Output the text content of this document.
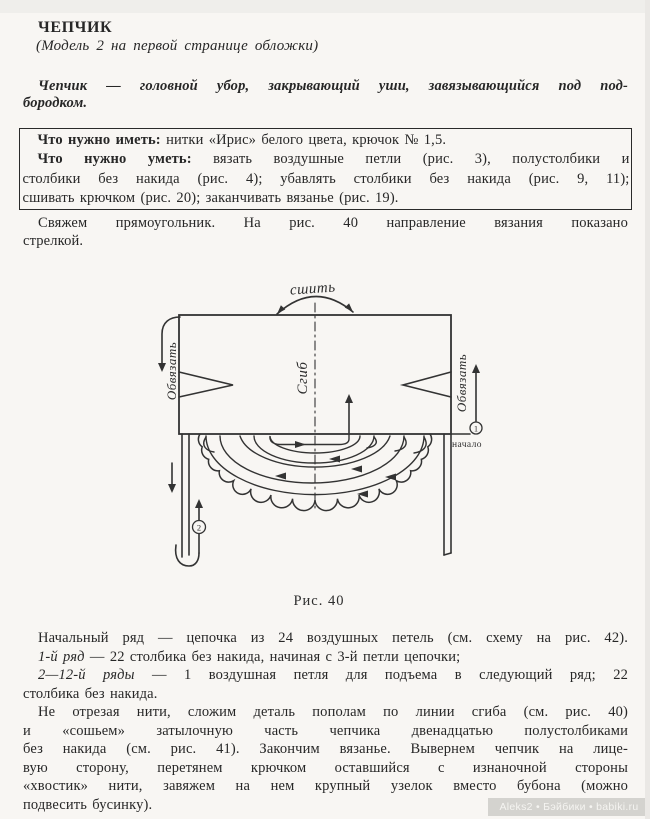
ЧЕПЧИК
(Модель 2 на первой странице обложки)
Чепчик — головной убор, закрывающий уши, завязывающийся под под-
бородком.
Что нужно иметь: нитки «Ирис» белого цвета, крючок № 1,5.
Что нужно уметь: вязать воздушные петли (рис. 3), полустолбики и
столбики без накида (рис. 4); убавлять столбики без накида (рис. 9, 11);
сшивать крючком (рис. 20); заканчивать вязанье (рис. 19).
Свяжем прямоугольник. На рис. 40 направление вязания показано
стрелкой.
сшить
Сгиб
Обвязать	Обвязать
начало
1
2
Рис. 40
Начальный ряд — цепочка из 24 воздушных петель (см. схему на рис. 42).
1-й ряд — 22 столбика без накида, начиная с 3-й петли цепочки;
2—12-й ряды — 1 воздушная петля для подъема в следующий ряд; 22
столбика без накида.
Не отрезая нити, сложим деталь пополам по линии сгиба (см. рис. 40)
и «сошьем» затылочную часть чепчика двенадцатью полустолбиками
без накида (см. рис. 41). Закончим вязанье. Вывернем чепчик на лице-
вую сторону, перетянем крючком оставшийся с изнаночной стороны
«хвостик» нити, завяжем на нем крупный узелок вместо бубона (можно
подвесить бусинку).	Aleks2 • Бэйбики • babiki.ru
